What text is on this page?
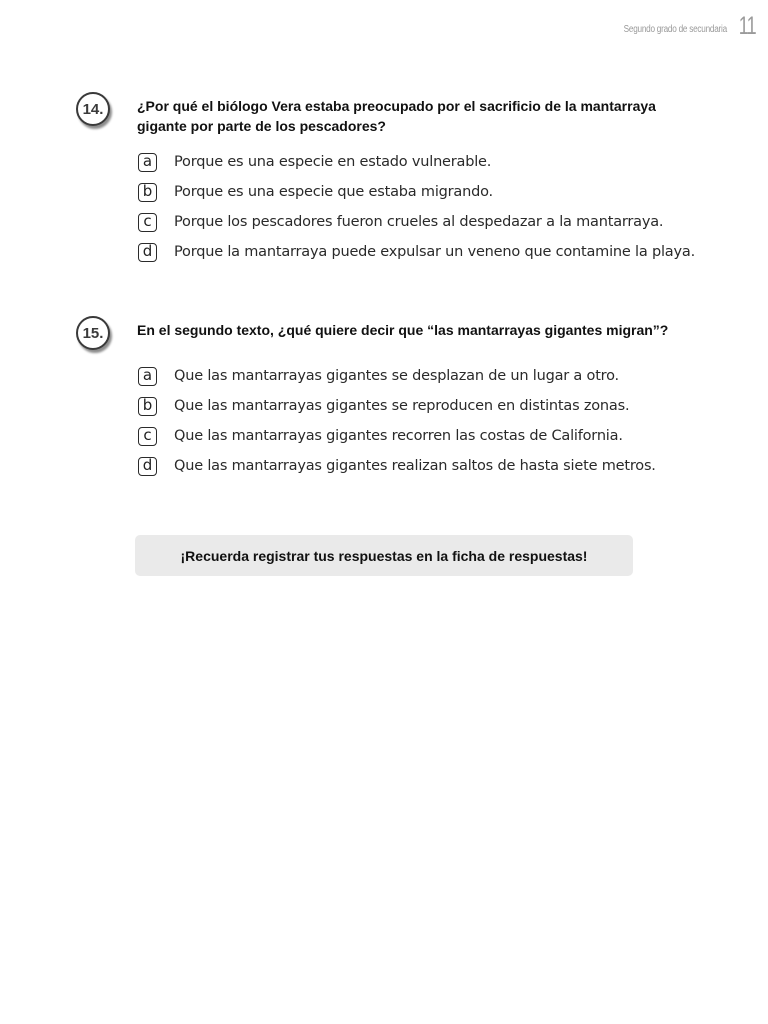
Segundo grado de secundaria 11
14.	¿Por qué el biólogo Vera estaba preocupado por el sacrificio de la mantarraya gigante por parte de los pescadores?
a	Porque es una especie en estado vulnerable.
b	Porque es una especie que estaba migrando.
c	Porque los pescadores fueron crueles al despedazar a la mantarraya.
d	Porque la mantarraya puede expulsar un veneno que contamine la playa.
15.	En el segundo texto, ¿qué quiere decir que “las mantarrayas gigantes migran”?
a	Que las mantarrayas gigantes se desplazan de un lugar a otro.
b	Que las mantarrayas gigantes se reproducen en distintas zonas.
c	Que las mantarrayas gigantes recorren las costas de California.
d	Que las mantarrayas gigantes realizan saltos de hasta siete metros.
¡Recuerda registrar tus respuestas en la ficha de respuestas!
